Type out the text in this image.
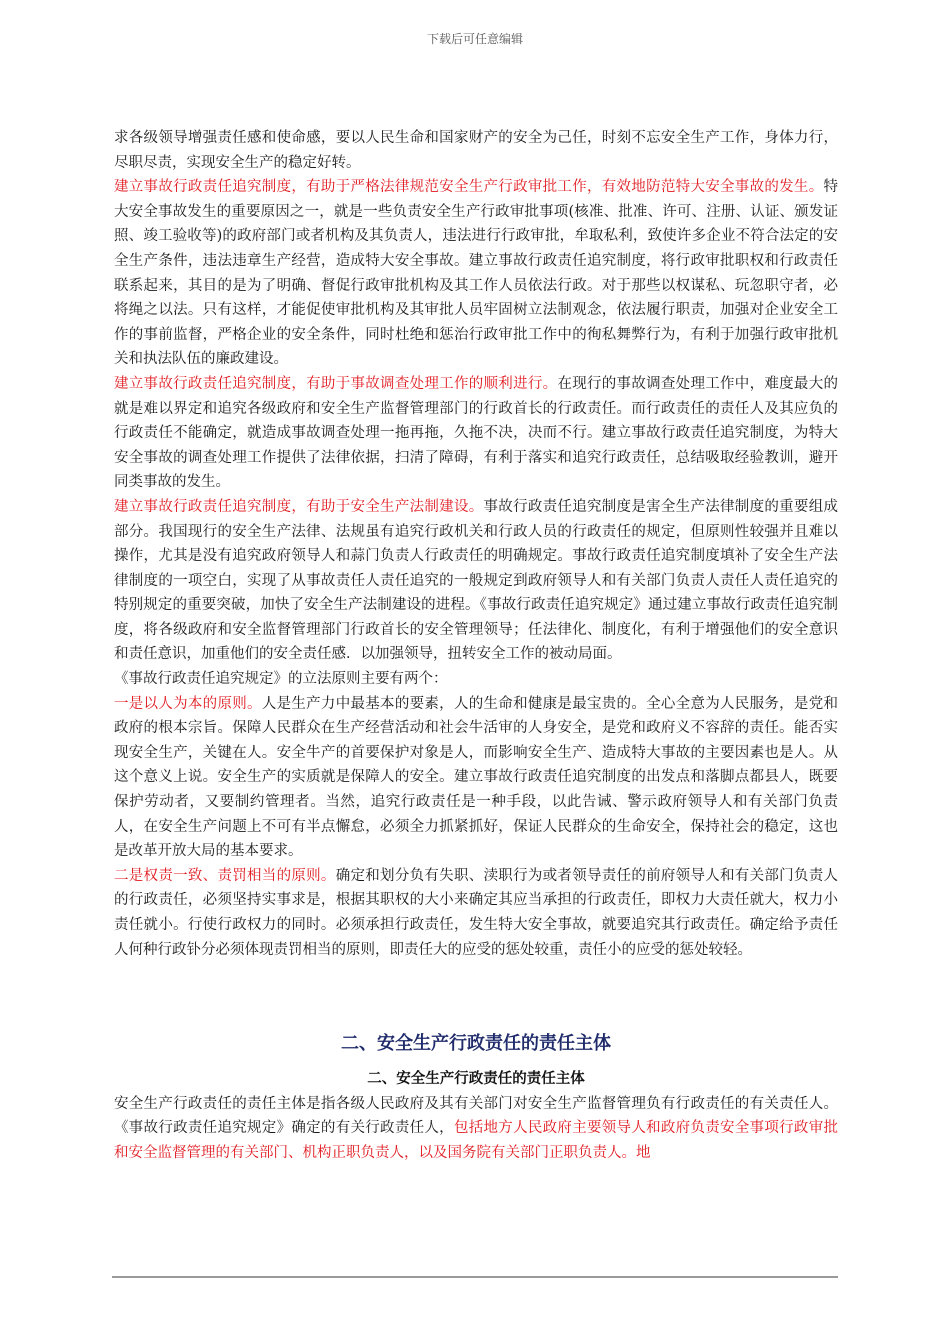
下载后可任意编辑

求各级领导增强责任感和使命感，要以人民生命和国家财产的安全为己任，时刻不忘安全生产工作，身体力行，尽职尽责，实现安全生产的稳定好转。

建立事故行政责任追究制度，有助于严格法律规范安全生产行政审批工作，有效地防范特大安全事故的发生。特大安全事故发生的重要原因之一，就是一些负责安全生产行政审批事项(核准、批准、许可、注册、认证、颁发证照、竣工验收等)的政府部门或者机构及其负责人，违法进行行政审批，牟取私利，致使许多企业不符合法定的安全生产条件，违法违章生产经营，造成特大安全事故。建立事故行政责任追究制度，将行政审批职权和行政责任联系起来，其目的是为了明确、督促行政审批机构及其工作人员依法行政。对于那些以权谋私、玩忽职守者，必将绳之以法。只有这样，才能促使审批机构及其审批人员牢固树立法制观念，依法履行职责，加强对企业安全工作的事前监督，严格企业的安全条件，同时杜绝和惩治行政审批工作中的徇私舞弊行为，有利于加强行政审批机关和执法队伍的廉政建设。

建立事故行政责任追究制度，有助于事故调查处理工作的顺利进行。在现行的事故调查处理工作中，难度最大的就是难以界定和追究各级政府和安全生产监督管理部门的行政首长的行政责任。而行政责任的责任人及其应负的行政责任不能确定，就造成事故调查处理一拖再拖，久拖不决，决而不行。建立事故行政责任追究制度，为特大安全事故的调查处理工作提供了法律依据，扫清了障碍，有利于落实和追究行政责任，总结吸取经验教训，避开同类事故的发生。

建立事故行政责任追究制度，有助于安全生产法制建设。事故行政责任追究制度是害全生产法律制度的重要组成部分。我国现行的安全生产法律、法规虽有追究行政机关和行政人员的行政责任的规定，但原则性较强并且难以操作，尤其是没有追究政府领导人和蒜门负责人行政责任的明确规定。事故行政责任追究制度填补了安全生产法律制度的一项空白，实现了从事故责任人责任追究的一般规定到政府领导人和有关部门负责人责任人责任追究的特别规定的重要突破，加快了安全生产法制建设的进程。《事故行政责任追究规定》通过建立事故行政责任追究制度，将各级政府和安全监督管理部门行政首长的安全管理领导；任法律化、制度化，有利于增强他们的安全意识和责任意识，加重他们的安全责任感．以加强领导，扭转安全工作的被动局面。

《事故行政责任追究规定》的立法原则主要有两个：

一是以人为本的原则。人是生产力中最基本的要素，人的生命和健康是最宝贵的。全心全意为人民服务，是党和政府的根本宗旨。保障人民群众在生产经营活动和社会牛活审的人身安全，是党和政府义不容辞的责任。能否实现安全生产，关键在人。安全牛产的首要保护对象是人，而影响安全生产、造成特大事故的主要因素也是人。从这个意义上说。安全生产的实质就是保障人的安全。建立事故行政责任追究制度的出发点和落脚点都县人，既要保护劳动者，又要制约管理者。当然，追究行政责任是一种手段，以此告诫、警示政府领导人和有关部门负责人，在安全生产问题上不可有半点懈怠，必须全力抓紧抓好，保证人民群众的生命安全，保持社会的稳定，这也是改革开放大局的基本要求。

二是权责一致、责罚相当的原则。确定和划分负有失职、渎职行为或者领导责任的前府领导人和有关部门负责人的行政责任，必须坚持实事求是，根据其职权的大小来确定其应当承担的行政责任，即权力大责任就大，权力小责任就小。行使行政权力的同时。必须承担行政责任，发生特大安全事故，就要追究其行政责任。确定给予责任人何种行政钋分必须体现责罚相当的原则，即责任大的应受的惩处较重，责任小的应受的惩处较轻。

二、安全生产行政责任的责任主体
二、安全生产行政责任的责任主体

安全生产行政责任的责任主体是指各级人民政府及其有关部门对安全生产监督管理负有行政责任的有关责任人。《事故行政责任追究规定》确定的有关行政责任人，包括地方人民政府主要领导人和政府负责安全事项行政审批和安全监督管理的有关部门、机构正职负责人，以及国务院有关部门正职负责人。地
